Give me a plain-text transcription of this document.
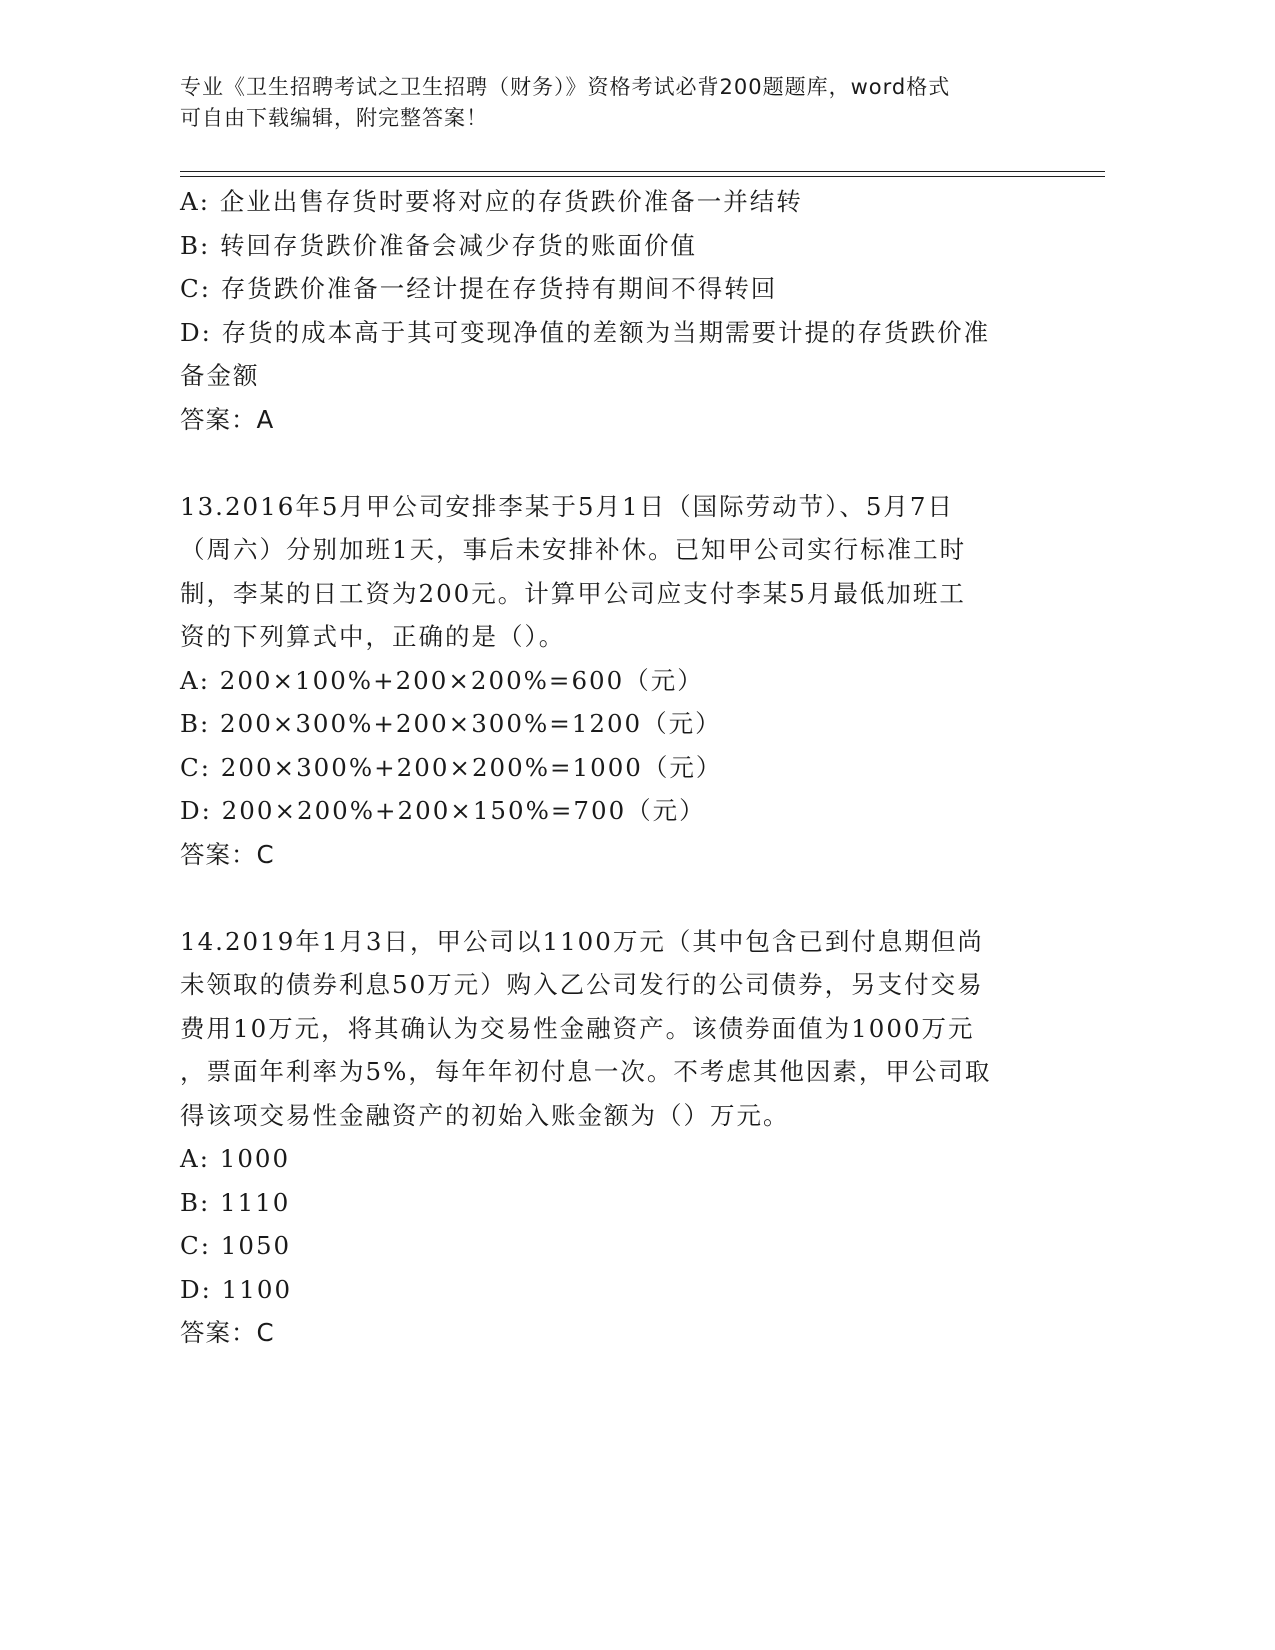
专业《卫生招聘考试之卫生招聘（财务）》资格考试必背200题题库，word格式
可自由下载编辑，附完整答案！
A: 企业出售存货时要将对应的存货跌价准备一并结转
B: 转回存货跌价准备会减少存货的账面价值
C: 存货跌价准备一经计提在存货持有期间不得转回
D: 存货的成本高于其可变现净值的差额为当期需要计提的存货跌价准
备金额
答案：A
13.2016年5月甲公司安排李某于5月1日（国际劳动节）、5月7日
（周六）分别加班1天，事后未安排补休。已知甲公司实行标准工时
制，李某的日工资为200元。计算甲公司应支付李某5月最低加班工
资的下列算式中，正确的是（）。
A: 200×100%+200×200%=600（元）
B: 200×300%+200×300%=1200（元）
C: 200×300%+200×200%=1000（元）
D: 200×200%+200×150%=700（元）
答案：C
14.2019年1月3日，甲公司以1100万元（其中包含已到付息期但尚
未领取的债券利息50万元）购入乙公司发行的公司债券，另支付交易
费用10万元，将其确认为交易性金融资产。该债券面值为1000万元
，票面年利率为5%，每年年初付息一次。不考虑其他因素，甲公司取
得该项交易性金融资产的初始入账金额为（）万元。
A: 1000
B: 1110
C: 1050
D: 1100
答案：C
